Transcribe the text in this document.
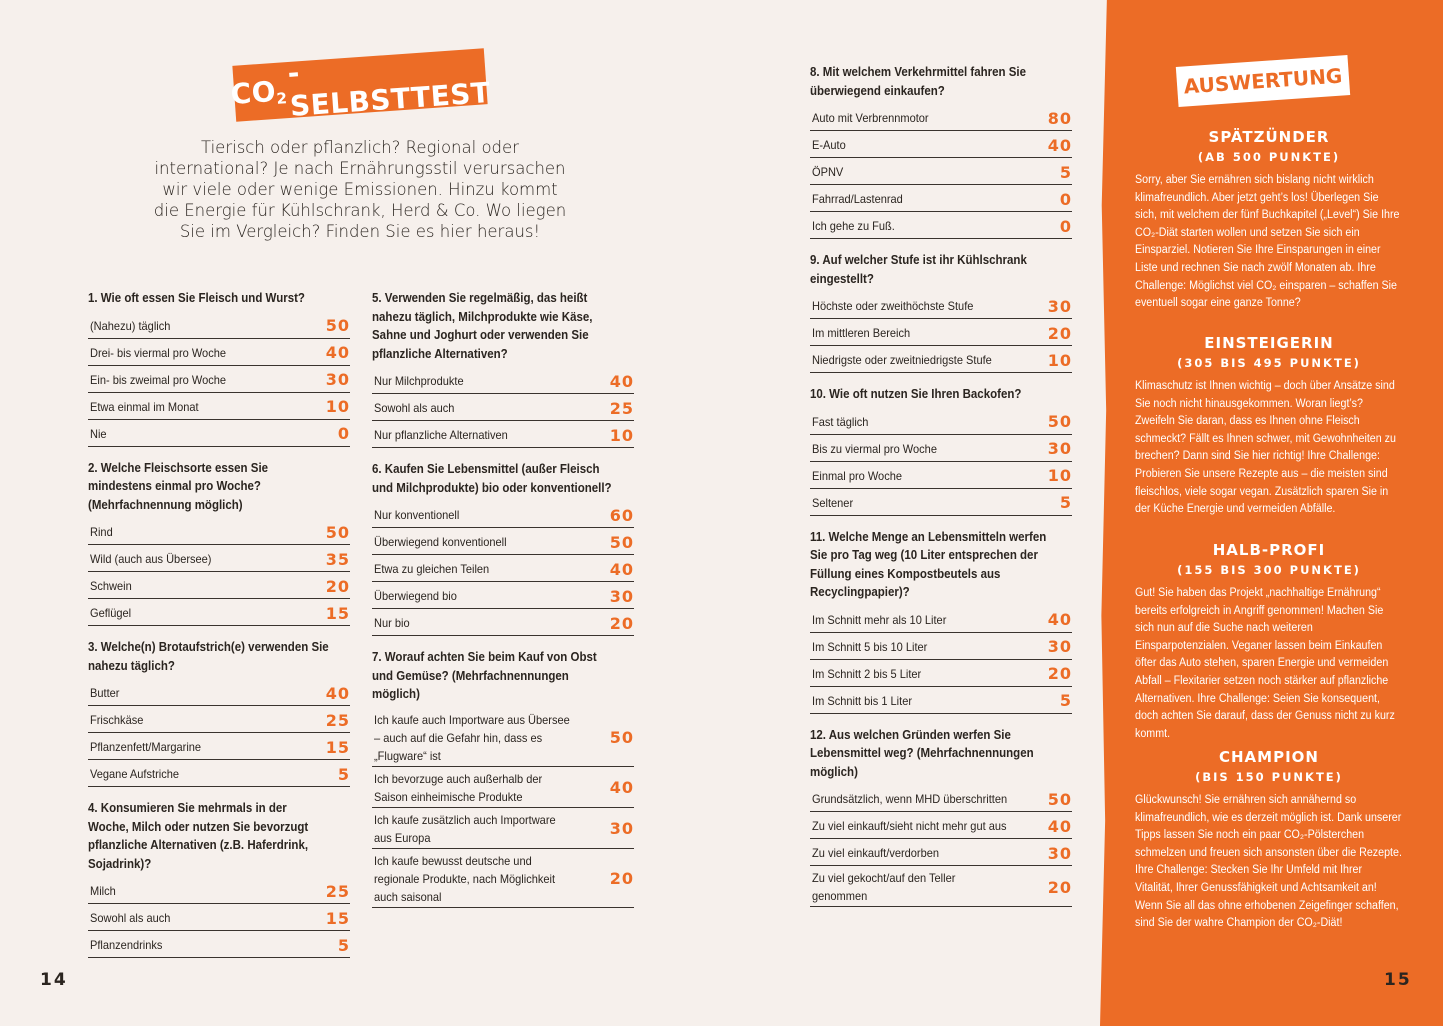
CO
2
-SELBSTTEST
Tierisch oder pflanzlich? Regional oder international? Je nach Ernährungsstil verursachen wir viele oder wenige Emissionen. Hinzu kommt die Energie für Kühlschrank, Herd & Co. Wo liegen Sie im Vergleich? Finden Sie es hier heraus!
1. Wie oft essen Sie Fleisch und Wurst?
(Nahezu) täglich	50
Drei- bis viermal pro Woche	40
Ein- bis zweimal pro Woche	30
Etwa einmal im Monat	10
Nie	0
2. Welche Fleischsorte essen Sie mindestens einmal pro Woche? (Mehrfachnennung möglich)
Rind	50
Wild (auch aus Übersee)	35
Schwein	20
Geflügel	15
3. Welche(n) Brotaufstrich(e) verwenden Sie nahezu täglich?
Butter	40
Frischkäse	25
Pflanzenfett/Margarine	15
Vegane Aufstriche	5
4. Konsumieren Sie mehrmals in der Woche, Milch oder nutzen Sie bevorzugt pflanzliche Alternativen (z.B. Haferdrink, Sojadrink)?
Milch	25
Sowohl als auch	15
Pflanzendrinks	5
5. Verwenden Sie regelmäßig, das heißt nahezu täglich, Milchprodukte wie Käse, Sahne und Joghurt oder verwenden Sie pflanzliche Alternativen?
Nur Milchprodukte	40
Sowohl als auch	25
Nur pflanzliche Alternativen	10
6. Kaufen Sie Lebensmittel (außer Fleisch und Milchprodukte) bio oder konventionell?
Nur konventionell	60
Überwiegend konventionell	50
Etwa zu gleichen Teilen	40
Überwiegend bio	30
Nur bio	20
7. Worauf achten Sie beim Kauf von Obst und Gemüse? (Mehrfachnennungen möglich)
Ich kaufe auch Importware aus Übersee – auch auf die Gefahr hin, dass es „Flugware“ ist
50
Ich bevorzuge auch außerhalb der Saison einheimische Produkte	40
Ich kaufe zusätzlich auch Importware aus Europa	30
Ich kaufe bewusst deutsche und regionale Produkte, nach Möglichkeit auch saisonal
20
8. Mit welchem Verkehrmittel fahren Sie überwiegend einkaufen?
Auto mit Verbrennmotor	80
E-Auto	40
ÖPNV	5
Fahrrad/Lastenrad	0
Ich gehe zu Fuß.	0
9. Auf welcher Stufe ist ihr Kühlschrank eingestellt?
Höchste oder zweithöchste Stufe	30
Im mittleren Bereich	20
Niedrigste oder zweitniedrigste Stufe	10
10. Wie oft nutzen Sie Ihren Backofen?
Fast täglich	50
Bis zu viermal pro Woche	30
Einmal pro Woche	10
Seltener	5
11. Welche Menge an Lebensmitteln werfen Sie pro Tag weg (10 Liter entsprechen der Füllung eines Kompostbeutels aus Recyclingpapier)?
Im Schnitt mehr als 10 Liter	40
Im Schnitt 5 bis 10 Liter	30
Im Schnitt 2 bis 5 Liter	20
Im Schnitt bis 1 Liter	5
12. Aus welchen Gründen werfen Sie Lebensmittel weg? (Mehrfachnennungen möglich)
Grundsätzlich, wenn MHD überschritten	50
Zu viel einkauft/sieht nicht mehr gut aus	40
Zu viel einkauft/verdorben	30
Zu viel gekocht/auf den Teller genommen	20
AUSWERTUNG
SPÄTZÜNDER
(AB 500 PUNKTE)
Sorry, aber Sie ernähren sich bislang nicht wirklich klimafreundlich. Aber jetzt geht’s los! Überlegen Sie sich, mit welchem der fünf Buchkapitel („Level“) Sie Ihre CO₂-Diät starten wollen und setzen Sie sich ein Einsparziel. Notieren Sie Ihre Einsparungen in einer Liste und rechnen Sie nach zwölf Monaten ab. Ihre Challenge: Möglichst viel CO₂ einsparen – schaffen Sie eventuell sogar eine ganze Tonne?
EINSTEIGERIN
(305 BIS 495 PUNKTE)
Klimaschutz ist Ihnen wichtig – doch über Ansätze sind Sie noch nicht hinausgekommen. Woran liegt’s? Zweifeln Sie daran, dass es Ihnen ohne Fleisch schmeckt? Fällt es Ihnen schwer, mit Gewohnheiten zu brechen? Dann sind Sie hier richtig! Ihre Challenge: Probieren Sie unsere Rezepte aus – die meisten sind fleischlos, viele sogar vegan. Zusätzlich sparen Sie in der Küche Energie und vermeiden Abfälle.
HALB-PROFI
(155 BIS 300 PUNKTE)
Gut! Sie haben das Projekt „nachhaltige Ernährung“ bereits erfolgreich in Angriff genommen! Machen Sie sich nun auf die Suche nach weiteren Einsparpotenzialen. Veganer lassen beim Einkaufen öfter das Auto stehen, sparen Energie und vermeiden Abfall – Flexitarier setzen noch stärker auf pflanzliche Alternativen. Ihre Challenge: Seien Sie konsequent, doch achten Sie darauf, dass der Genuss nicht zu kurz kommt.
CHAMPION
(BIS 150 PUNKTE)
Glückwunsch! Sie ernähren sich annähernd so klimafreundlich, wie es derzeit möglich ist. Dank unserer Tipps lassen Sie noch ein paar CO₂-Pölsterchen schmelzen und freuen sich ansonsten über die Rezepte. Ihre Challenge: Stecken Sie Ihr Umfeld mit Ihrer Vitalität, Ihrer Genussfähigkeit und Achtsamkeit an! Wenn Sie all das ohne erhobenen Zeigefinger schaffen, sind Sie der wahre Champion der CO₂-Diät!
14	15
